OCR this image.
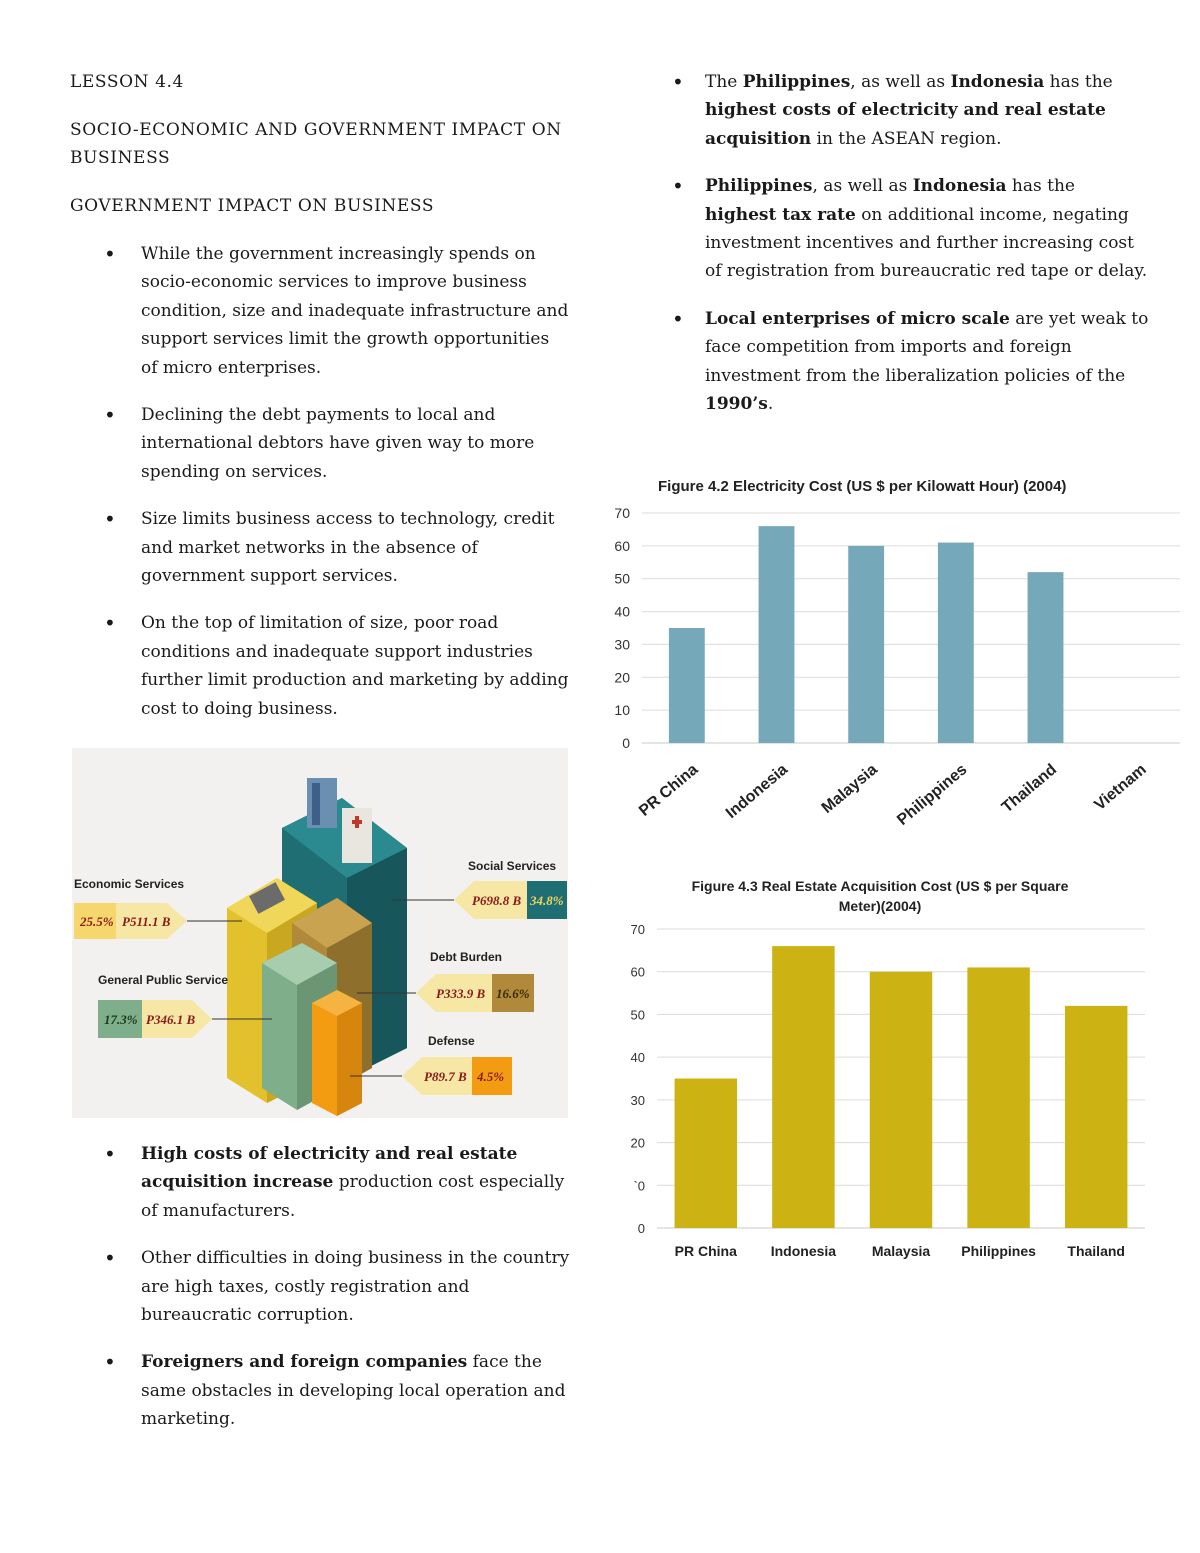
LESSON 4.4
SOCIO-ECONOMIC AND GOVERNMENT IMPACT ON BUSINESS
GOVERNMENT IMPACT ON BUSINESS
• While the government increasingly spends on socio-economic services to improve business condition, size and inadequate infrastructure and support services limit the growth opportunities of micro enterprises.
• Declining the debt payments to local and international debtors have given way to more spending on services.
• Size limits business access to technology, credit and market networks in the absence of government support services.
• On the top of limitation of size, poor road conditions and inadequate support industries further limit production and marketing by adding cost to doing business.
Economic Services
25.5% P511.1 B
General Public Service
17.3% P346.1 B
Social Services
P698.8 B 34.8%
Debt Burden
P333.9 B 16.6%
Defense
P89.7 B 4.5%
• High costs of electricity and real estate acquisition increase production cost especially of manufacturers.
• Other difficulties in doing business in the country are high taxes, costly registration and bureaucratic corruption.
• Foreigners and foreign companies face the same obstacles in developing local operation and marketing.
• The Philippines, as well as Indonesia has the highest costs of electricity and real estate acquisition in the ASEAN region.
• Philippines, as well as Indonesia has the highest tax rate on additional income, negating investment incentives and further increasing cost of registration from bureaucratic red tape or delay.
• Local enterprises of micro scale are yet weak to face competition from imports and foreign investment from the liberalization policies of the 1990’s.
Figure 4.2 Electricity Cost (US $ per Kilowatt Hour) (2004)
0
10
20
30
40
50
60
70
PR China Indonesia Malaysia Philippines Thailand Vietnam
Figure 4.3 Real Estate Acquisition Cost (US $ per Square Meter)(2004)
0
`0
20
30
40
50
60
70
PR China Indonesia	Malaysia Philippines Thailand
